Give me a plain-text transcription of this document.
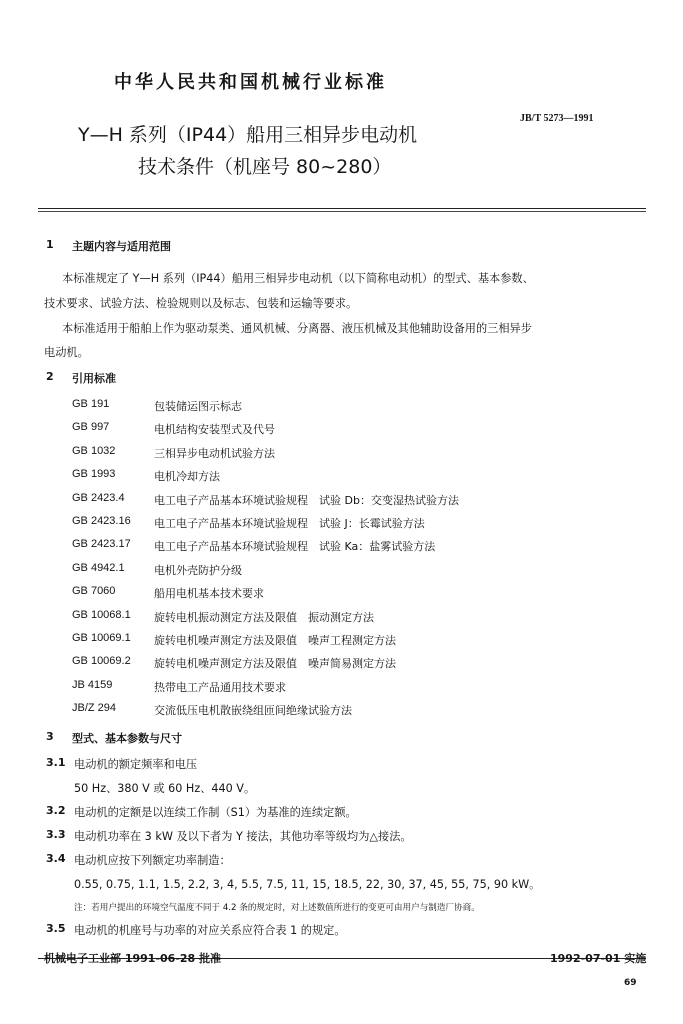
中华人民共和国机械行业标准
JB/T 5273—1991
Y—H 系列（IP44）船用三相异步电动机
技术条件（机座号 80~280）
1 主题内容与适用范围
本标准规定了 Y—H 系列（IP44）船用三相异步电动机（以下简称电动机）的型式、基本参数、
技术要求、试验方法、检验规则以及标志、包装和运输等要求。
本标准适用于船舶上作为驱动泵类、通风机械、分离器、液压机械及其他辅助设备用的三相异步
电动机。
2 引用标准
GB 191	包装储运图示标志
GB 997	电机结构安装型式及代号
GB 1032	三相异步电动机试验方法
GB 1993	电机冷却方法
GB 2423.4	电工电子产品基本环境试验规程　试验 Db：交变湿热试验方法
GB 2423.16 电工电子产品基本环境试验规程　试验 J：长霉试验方法
GB 2423.17 电工电子产品基本环境试验规程　试验 Ka：盐雾试验方法
GB 4942.1	电机外壳防护分级
GB 7060	船用电机基本技术要求
GB 10068.1 旋转电机振动测定方法及限值　振动测定方法
GB 10069.1 旋转电机噪声测定方法及限值　噪声工程测定方法
GB 10069.2 旋转电机噪声测定方法及限值　噪声简易测定方法
JB 4159	热带电工产品通用技术要求
JB/Z 294	交流低压电机散嵌绕组匝间绝缘试验方法
3 型式、基本参数与尺寸
3.1 电动机的额定频率和电压
50 Hz、380 V 或 60 Hz、440 V。
3.2 电动机的定额是以连续工作制（S1）为基准的连续定额。
3.3 电动机功率在 3 kW 及以下者为 Y 接法，其他功率等级均为△接法。
3.4 电动机应按下列额定功率制造：
0.55, 0.75, 1.1, 1.5, 2.2, 3, 4, 5.5, 7.5, 11, 15, 18.5, 22, 30, 37, 45, 55, 75, 90 kW。
注：若用户提出的环境空气温度不同于 4.2 条的规定时，对上述数值所进行的变更可由用户与制造厂协商。
3.5 电动机的机座号与功率的对应关系应符合表 1 的规定。
机械电子工业部 1991-06-28 批准	1992-07-01 实施
69
